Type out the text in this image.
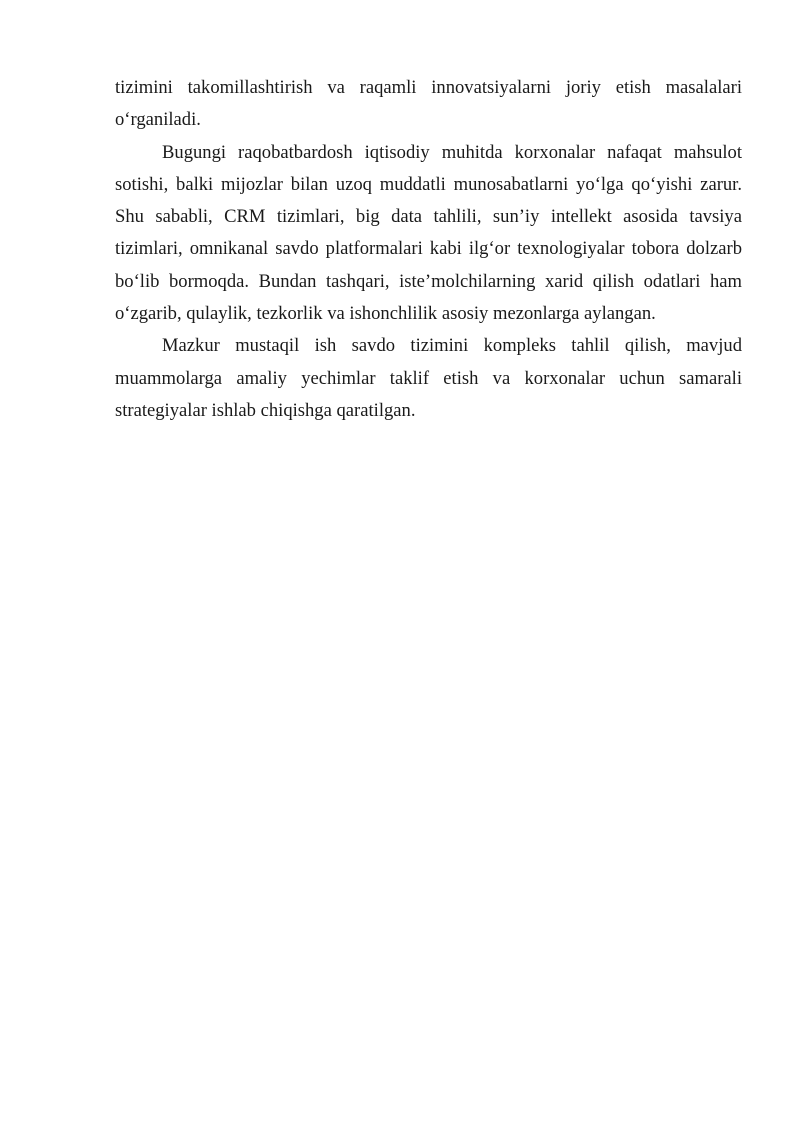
tizimini takomillashtirish va raqamli innovatsiyalarni joriy etish masalalari o‘rganiladi.

Bugungi raqobatbardosh iqtisodiy muhitda korxonalar nafaqat mahsulot sotishi, balki mijozlar bilan uzoq muddatli munosabatlarni yo‘lga qo‘yishi zarur. Shu sababli, CRM tizimlari, big data tahlili, sun’iy intellekt asosida tavsiya tizimlari, omnikanal savdo platformalari kabi ilg‘or texnologiyalar tobora dolzarb bo‘lib bormoqda. Bundan tashqari, iste’molchilarning xarid qilish odatlari ham o‘zgarib, qulaylik, tezkorlik va ishonchlilik asosiy mezonlarga aylangan.

Mazkur mustaqil ish savdo tizimini kompleks tahlil qilish, mavjud muammolarga amaliy yechimlar taklif etish va korxonalar uchun samarali strategiyalar ishlab chiqishga qaratilgan.
